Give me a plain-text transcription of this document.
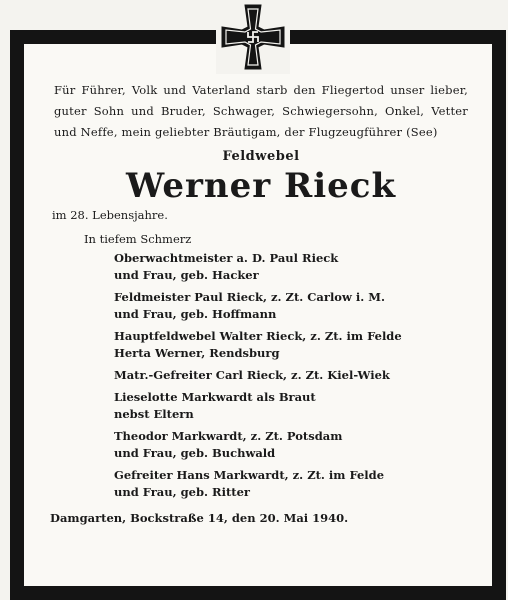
Für Führer, Volk und Vaterland starb den Fliegertod unser lieber, guter Sohn und Bruder, Schwager, Schwiegersohn, Onkel, Vetter und Neffe, mein geliebter Bräutigam, der Flugzeugführer (See)
Feldwebel
Werner Rieck
im 28. Lebensjahre.
In tiefem Schmerz
Oberwachtmeister a. D. Paul Rieck
und Frau, geb. Hacker
Feldmeister Paul Rieck, z. Zt. Carlow i. M.
und Frau, geb. Hoffmann
Hauptfeldwebel Walter Rieck, z. Zt. im Felde
Herta Werner, Rendsburg
Matr.-Gefreiter Carl Rieck, z. Zt. Kiel-Wiek
Lieselotte Markwardt als Braut
nebst Eltern
Theodor Markwardt, z. Zt. Potsdam
und Frau, geb. Buchwald
Gefreiter Hans Markwardt, z. Zt. im Felde
und Frau, geb. Ritter
Damgarten, Bockstraße 14, den 20. Mai 1940.
